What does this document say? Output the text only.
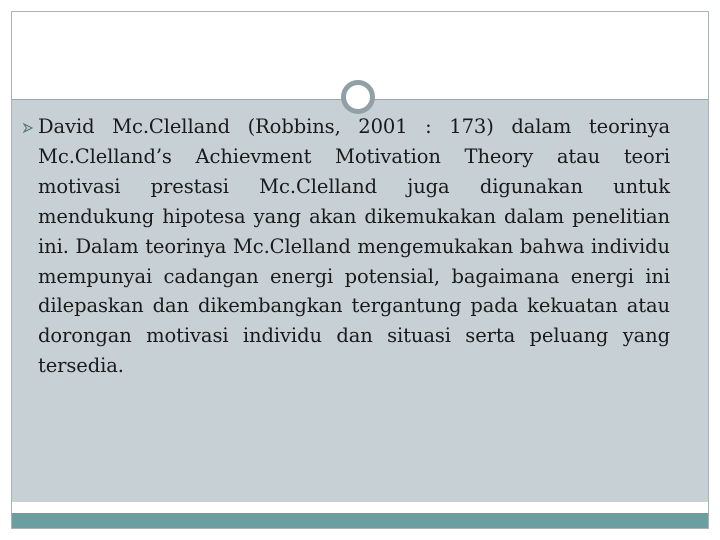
David Mc.Clelland (Robbins, 2001 : 173) dalam teorinya Mc.Clelland’s Achievment Motivation Theory atau teori motivasi prestasi Mc.Clelland juga digunakan untuk mendukung hipotesa yang akan dikemukakan dalam penelitian ini. Dalam teorinya Mc.Clelland mengemukakan bahwa individu mempunyai cadangan energi potensial, bagaimana energi ini dilepaskan dan dikembangkan tergantung pada kekuatan atau dorongan motivasi individu dan situasi serta peluang yang tersedia.
